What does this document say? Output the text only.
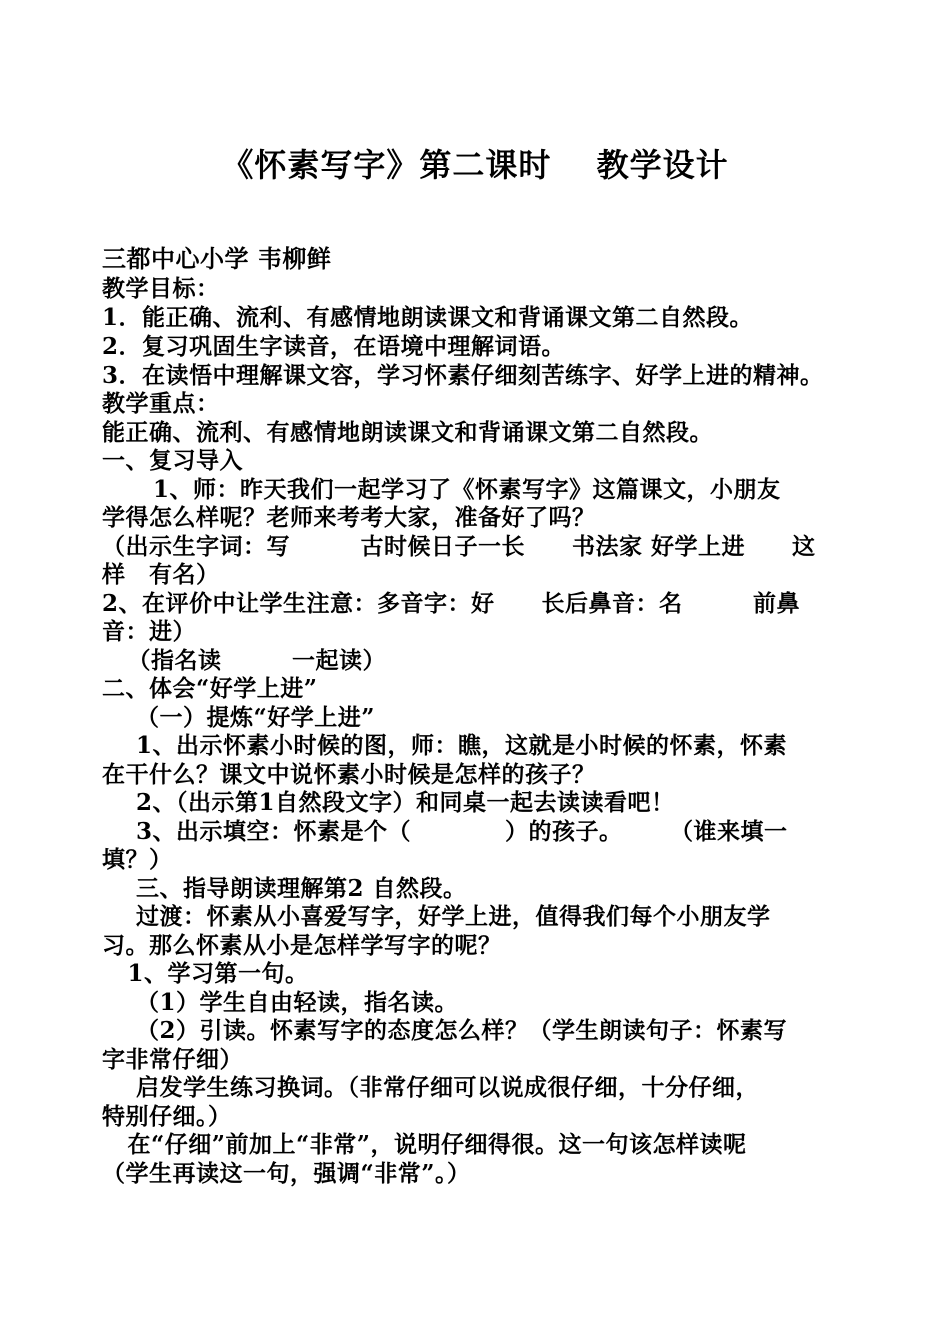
《怀素写字》第二课时　 教学设计
三都中心小学 韦柳鲜
教学目标：
1．能正确、流利、有感情地朗读课文和背诵课文第二自然段。
2．复习巩固生字读音，在语境中理解词语。
3．在读悟中理解课文容，学习怀素仔细刻苦练字、好学上进的精神。
教学重点：
能正确、流利、有感情地朗读课文和背诵课文第二自然段。
一、复习导入
1、师：昨天我们一起学习了《怀素写字》这篇课文，小朋友
学得怎么样呢？老师来考考大家，准备好了吗？
（出示生字词：写　　　古时候日子一长　　书法家 好学上进　　这
样　有名）
2、在评价中让学生注意：多音字：好　　长后鼻音：名　　　前鼻
音：进）
（指名读　　　一起读）
二、体会“好学上进”
（一）提炼“好学上进”
1、出示怀素小时候的图，师：瞧，这就是小时候的怀素，怀素
在干什么？课文中说怀素小时候是怎样的孩子？
2、（出示第1自然段文字）和同桌一起去读读看吧！
3、出示填空：怀素是个（　　　　）的孩子。　　　（谁来填一
填？）
三、指导朗读理解第2 自然段。
过渡：怀素从小喜爱写字，好学上进，值得我们每个小朋友学
习。那么怀素从小是怎样学写字的呢？
1、学习第一句。
（1）学生自由轻读，指名读。
（2）引读。怀素写字的态度怎么样？（学生朗读句子：怀素写
字非常仔细）
启发学生练习换词。（非常仔细可以说成很仔细，十分仔细，
特别仔细。）
在“仔细”前加上“非常”，说明仔细得很。这一句该怎样读呢
（学生再读这一句，强调“非常”。）
